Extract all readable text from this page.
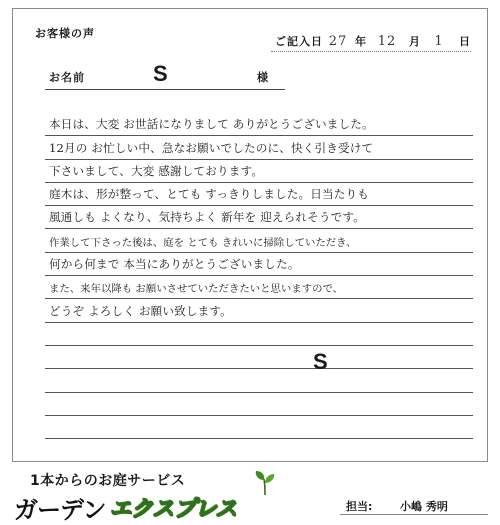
お客様の声
ご記入日 27 年 12	月	1	日
お名前	S	様
本日は、大変 お世話になりまして ありがとうございました。
12月の お忙しい中、急なお願いでしたのに、快く引き受けて
下さいまして、大変 感謝しております。
庭木は、形が整って、とても すっきりしました。日当たりも
風通しも よくなり、気持ちよく 新年を 迎えられそうです。
作業して下さった後は、庭を とても きれいに掃除していただき、
何から何まで 本当にありがとうございました。
また、来年以降も お願いさせていただきたいと思いますので、
どうぞ よろしく お願い致します。
S
1本からのお庭サービス
ガーデン エクスプレス	担当:	小嶋 秀明
